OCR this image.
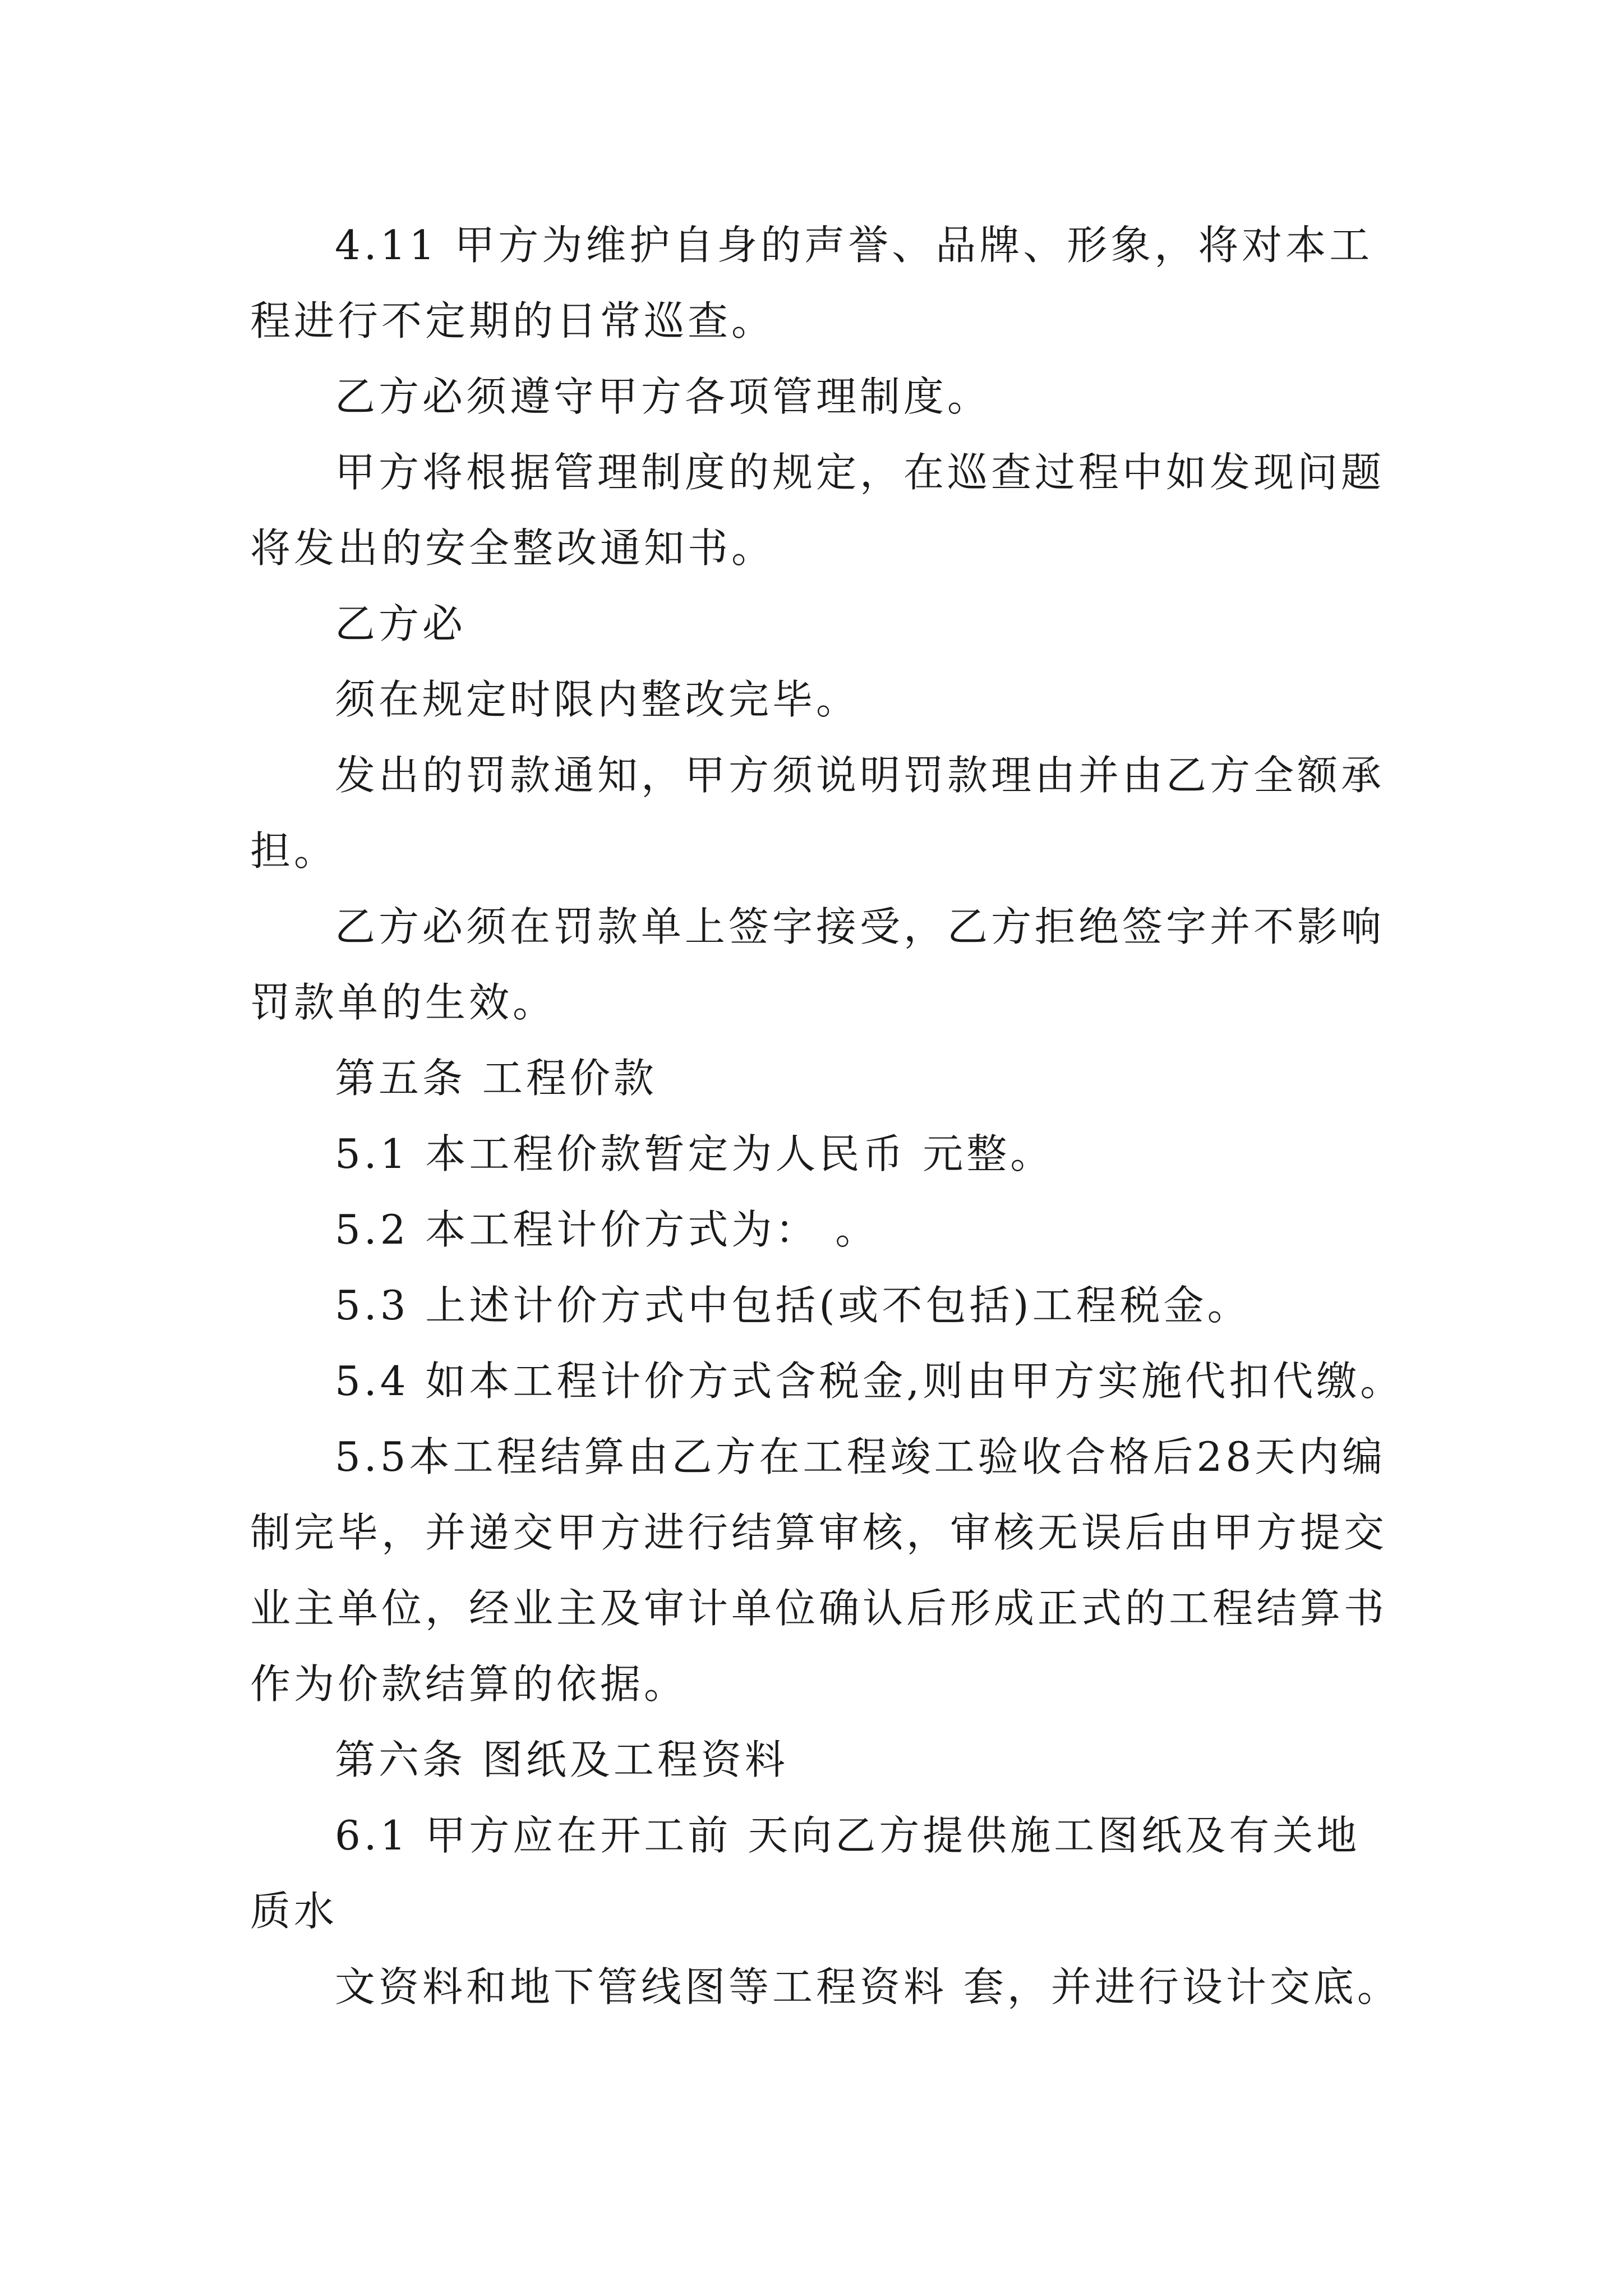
4.11 甲方为维护自身的声誉、品牌、形象，将对本工
程进行不定期的日常巡查。
乙方必须遵守甲方各项管理制度。
甲方将根据管理制度的规定，在巡查过程中如发现问题
将发出的安全整改通知书。
乙方必
须在规定时限内整改完毕。
发出的罚款通知，甲方须说明罚款理由并由乙方全额承
担。
乙方必须在罚款单上签字接受，乙方拒绝签字并不影响
罚款单的生效。
第五条 工程价款
5.1 本工程价款暂定为人民币 元整。
5.2 本工程计价方式为： 。
5.3 上述计价方式中包括(或不包括)工程税金。
5.4 如本工程计价方式含税金,则由甲方实施代扣代缴。
5.5本工程结算由乙方在工程竣工验收合格后28天内编
制完毕，并递交甲方进行结算审核，审核无误后由甲方提交
业主单位，经业主及审计单位确认后形成正式的工程结算书
作为价款结算的依据。
第六条 图纸及工程资料
6.1 甲方应在开工前 天向乙方提供施工图纸及有关地
质水
文资料和地下管线图等工程资料 套，并进行设计交底。
